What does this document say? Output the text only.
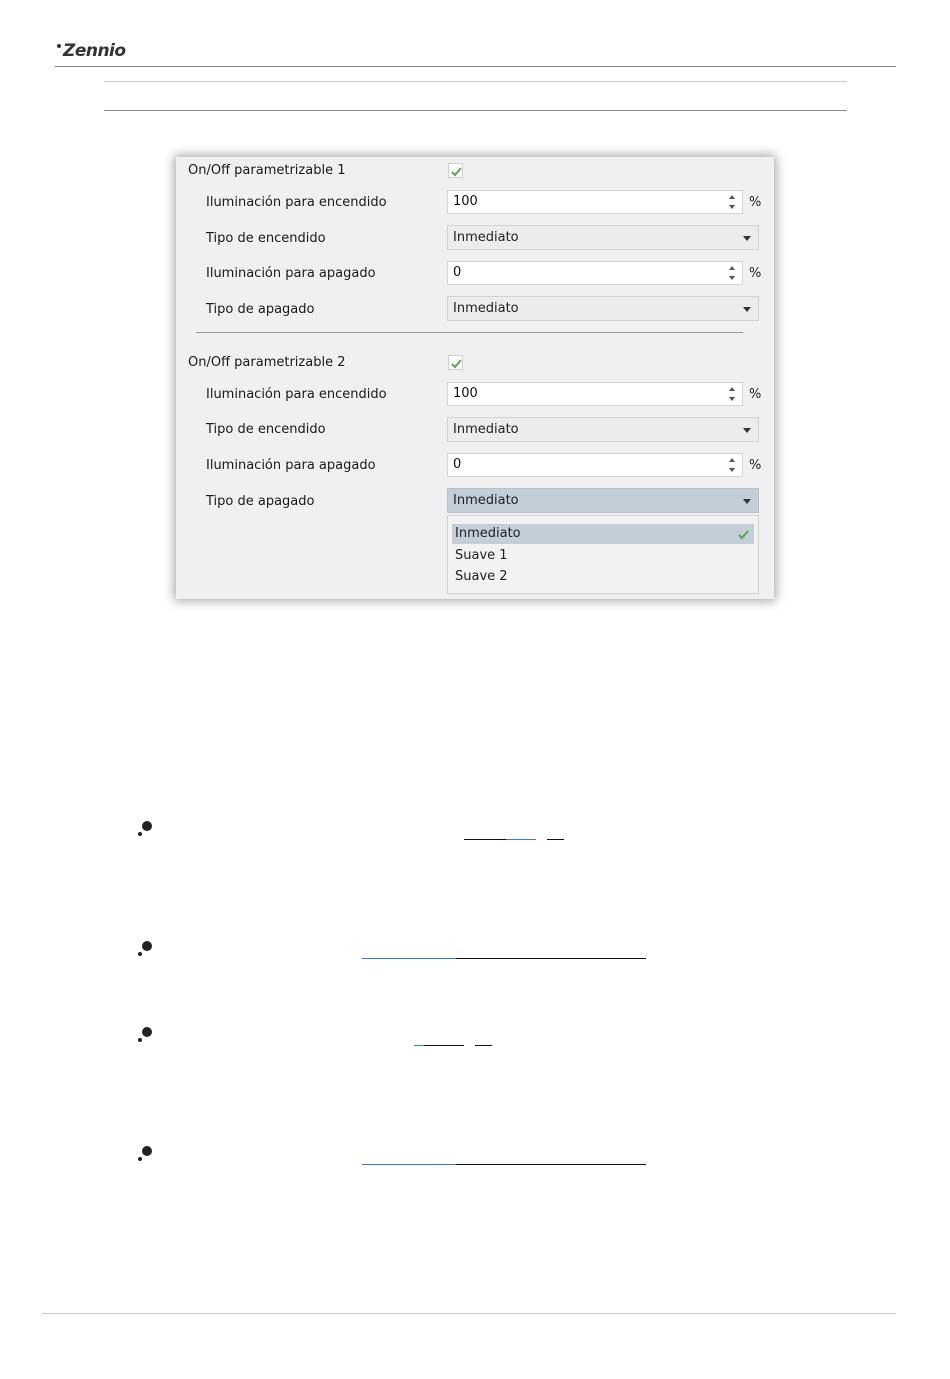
Zennio
On/Off parametrizable 1
Iluminación para encendido	100	%
Tipo de encendido	Inmediato
Iluminación para apagado	0	%
Tipo de apagado	Inmediato
On/Off parametrizable 2
Iluminación para encendido	100	%
Tipo de encendido	Inmediato
Iluminación para apagado	0	%
Tipo de apagado	Inmediato
Inmediato
Suave 1
Suave 2
